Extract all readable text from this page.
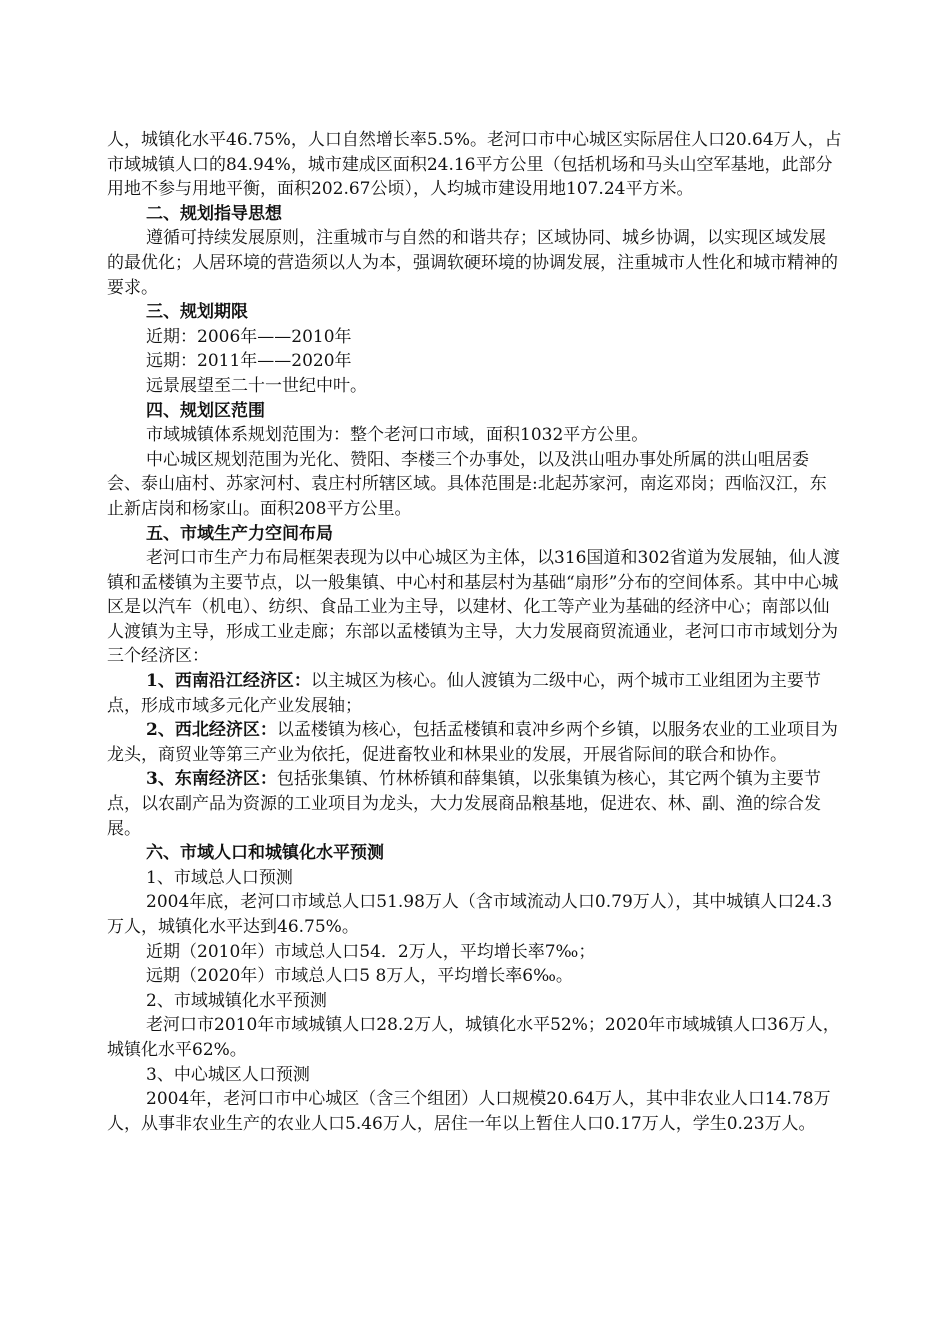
人，城镇化水平46.75%，人口自然增长率5.5%。老河口市中心城区实际居住人口20.64万人，占市域城镇人口的84.94%，城市建成区面积24.16平方公里（包括机场和马头山空军基地，此部分用地不参与用地平衡，面积202.67公顷），人均城市建设用地107.24平方米。

二、规划指导思想

遵循可持续发展原则，注重城市与自然的和谐共存；区域协同、城乡协调，以实现区域发展的最优化；人居环境的营造须以人为本，强调软硬环境的协调发展，注重城市人性化和城市精神的要求。

三、规划期限

近期：2006年——2010年

远期：2011年——2020年

远景展望至二十一世纪中叶。

四、规划区范围

市域城镇体系规划范围为：整个老河口市域，面积1032平方公里。

中心城区规划范围为光化、赞阳、李楼三个办事处，以及洪山咀办事处所属的洪山咀居委会、泰山庙村、苏家河村、袁庄村所辖区域。具体范围是:北起苏家河，南迄邓岗；西临汉江，东止新店岗和杨家山。面积208平方公里。

五、市域生产力空间布局

老河口市生产力布局框架表现为以中心城区为主体，以316国道和302省道为发展轴，仙人渡镇和孟楼镇为主要节点，以一般集镇、中心村和基层村为基础“扇形”分布的空间体系。其中中心城区是以汽车（机电）、纺织、食品工业为主导，以建材、化工等产业为基础的经济中心；南部以仙人渡镇为主导，形成工业走廊；东部以孟楼镇为主导，大力发展商贸流通业，老河口市市域划分为三个经济区：

1、西南沿江经济区：以主城区为核心。仙人渡镇为二级中心，两个城市工业组团为主要节点，形成市域多元化产业发展轴；

2、西北经济区：以孟楼镇为核心，包括孟楼镇和袁冲乡两个乡镇，以服务农业的工业项目为龙头，商贸业等第三产业为依托，促进畜牧业和林果业的发展，开展省际间的联合和协作。

3、东南经济区：包括张集镇、竹林桥镇和薛集镇，以张集镇为核心，其它两个镇为主要节点，以农副产品为资源的工业项目为龙头，大力发展商品粮基地，促进农、林、副、渔的综合发展。

六、市域人口和城镇化水平预测

1、市域总人口预测

2004年底，老河口市域总人口51.98万人（含市域流动人口0.79万人），其中城镇人口24.3万人，城镇化水平达到46.75%。

近期（2010年）市域总人口54．2万人，平均增长率7‰；

远期（2020年）市域总人口5 8万人，平均增长率6‰。

2、市域城镇化水平预测

老河口市2010年市域城镇人口28.2万人，城镇化水平52%；2020年市域城镇人口36万人，城镇化水平62%。

3、中心城区人口预测

2004年，老河口市中心城区（含三个组团）人口规模20.64万人，其中非农业人口14.78万人，从事非农业生产的农业人口5.46万人，居住一年以上暂住人口0.17万人，学生0.23万人。
